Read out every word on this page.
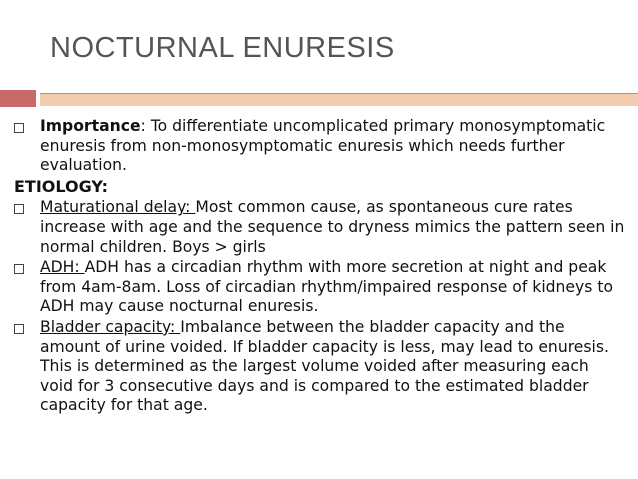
NOCTURNAL ENURESIS
Importance: To differentiate uncomplicated primary monosymptomatic enuresis from non-monosymptomatic enuresis which needs further evaluation.
ETIOLOGY:
Maturational delay: Most common cause, as spontaneous cure rates increase with age and the sequence to dryness mimics the pattern seen in normal children. Boys > girls
ADH: ADH has a circadian rhythm with more secretion at night and peak from 4am-8am. Loss of circadian rhythm/impaired response of kidneys to ADH may cause nocturnal enuresis.
Bladder capacity: Imbalance between the bladder capacity and the amount of urine voided. If bladder capacity is less, may lead to enuresis. This is determined as the largest volume voided after measuring each void for 3 consecutive days and is compared to the estimated bladder capacity for that age.
